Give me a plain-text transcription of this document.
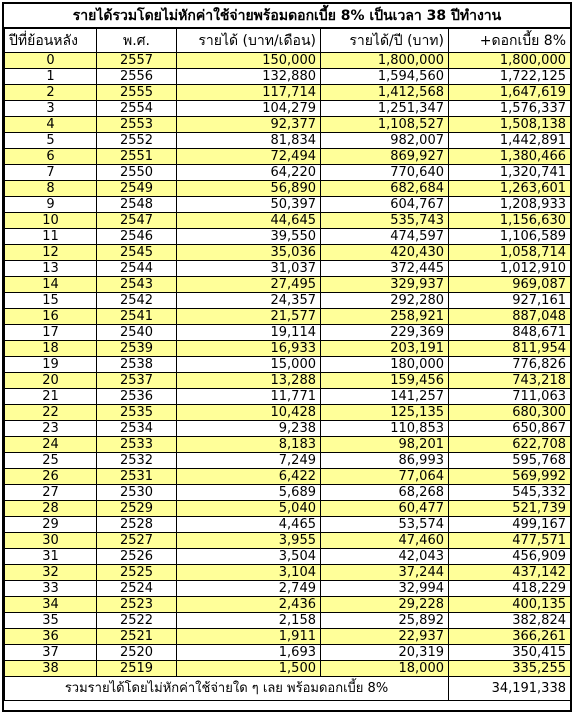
รายได้รวมโดยไม่หักค่าใช้จ่ายพร้อมดอกเบี้ย 8% เป็นเวลา 38 ปีทำงาน
ปีที่ย้อนหลัง	พ.ศ.	รายได้ (บาท/เดือน)	รายได้/ปี (บาท)	+ดอกเบี้ย 8%
0	2557	150,000	1,800,000	1,800,000
1	2556	132,880	1,594,560	1,722,125
2	2555	117,714	1,412,568	1,647,619
3	2554	104,279	1,251,347	1,576,337
4	2553	92,377	1,108,527	1,508,138
5	2552	81,834	982,007	1,442,891
6	2551	72,494	869,927	1,380,466
7	2550	64,220	770,640	1,320,741
8	2549	56,890	682,684	1,263,601
9	2548	50,397	604,767	1,208,933
10	2547	44,645	535,743	1,156,630
11	2546	39,550	474,597	1,106,589
12	2545	35,036	420,430	1,058,714
13	2544	31,037	372,445	1,012,910
14	2543	27,495	329,937	969,087
15	2542	24,357	292,280	927,161
16	2541	21,577	258,921	887,048
17	2540	19,114	229,369	848,671
18	2539	16,933	203,191	811,954
19	2538	15,000	180,000	776,826
20	2537	13,288	159,456	743,218
21	2536	11,771	141,257	711,063
22	2535	10,428	125,135	680,300
23	2534	9,238	110,853	650,867
24	2533	8,183	98,201	622,708
25	2532	7,249	86,993	595,768
26	2531	6,422	77,064	569,992
27	2530	5,689	68,268	545,332
28	2529	5,040	60,477	521,739
29	2528	4,465	53,574	499,167
30	2527	3,955	47,460	477,571
31	2526	3,504	42,043	456,909
32	2525	3,104	37,244	437,142
33	2524	2,749	32,994	418,229
34	2523	2,436	29,228	400,135
35	2522	2,158	25,892	382,824
36	2521	1,911	22,937	366,261
37	2520	1,693	20,319	350,415
38	2519	1,500	18,000	335,255
รวมรายได้โดยไม่หักค่าใช้จ่ายใด ๆ เลย พร้อมดอกเบี้ย 8%				34,191,338
